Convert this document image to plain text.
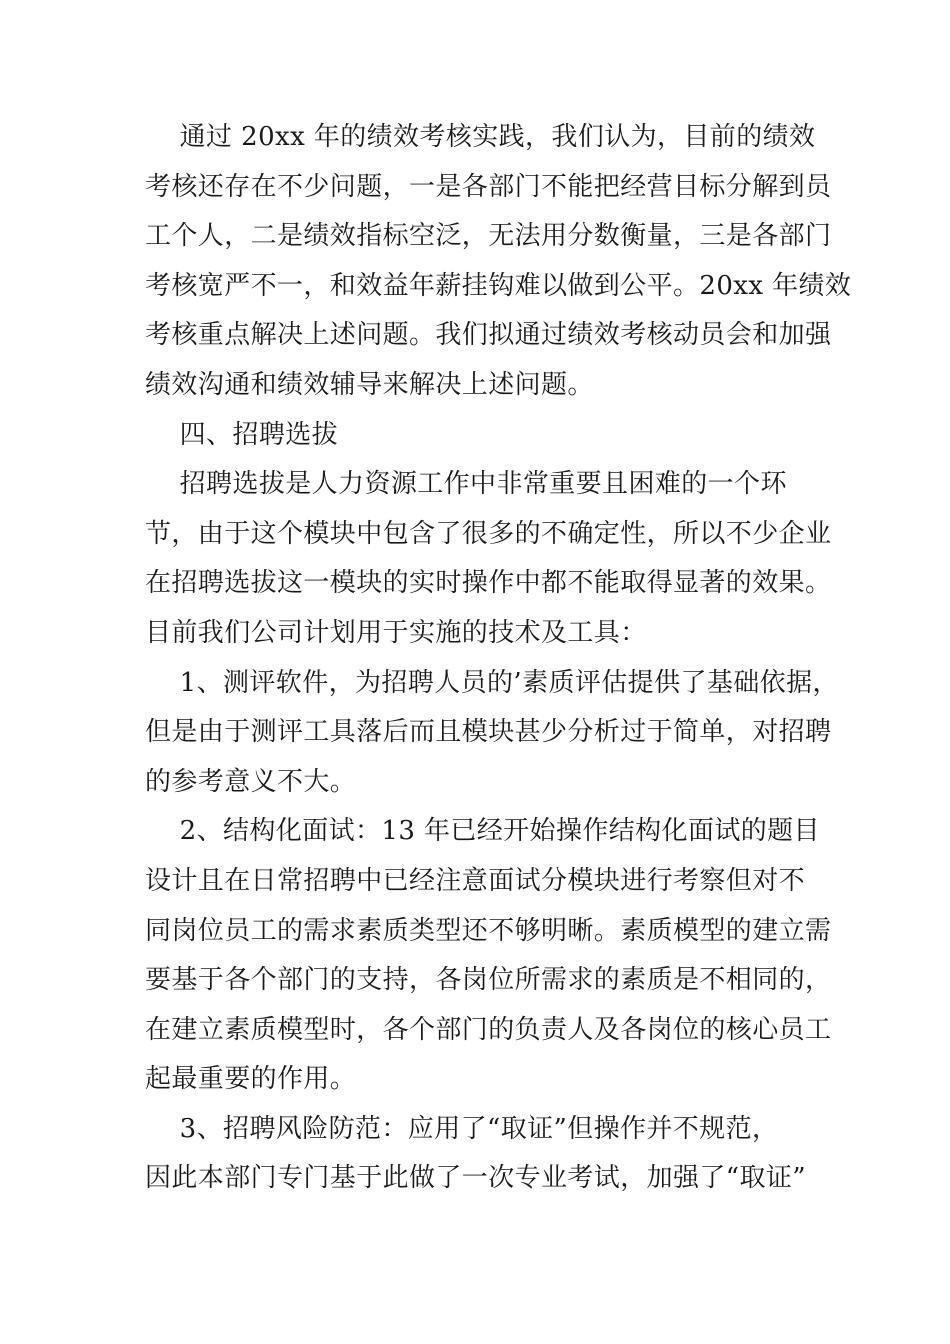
通过 20xx 年的绩效考核实践，我们认为，目前的绩效
考核还存在不少问题，一是各部门不能把经营目标分解到员
工个人，二是绩效指标空泛，无法用分数衡量，三是各部门
考核宽严不一，和效益年薪挂钩难以做到公平。20xx 年绩效
考核重点解决上述问题。我们拟通过绩效考核动员会和加强
绩效沟通和绩效辅导来解决上述问题。
四、招聘选拔
招聘选拔是人力资源工作中非常重要且困难的一个环
节，由于这个模块中包含了很多的不确定性，所以不少企业
在招聘选拔这一模块的实时操作中都不能取得显著的效果。
目前我们公司计划用于实施的技术及工具：
1、测评软件，为招聘人员的’素质评估提供了基础依据，
但是由于测评工具落后而且模块甚少分析过于简单，对招聘
的参考意义不大。
2、结构化面试：13 年已经开始操作结构化面试的题目
设计且在日常招聘中已经注意面试分模块进行考察但对不
同岗位员工的需求素质类型还不够明晰。素质模型的建立需
要基于各个部门的支持，各岗位所需求的素质是不相同的，
在建立素质模型时，各个部门的负责人及各岗位的核心员工
起最重要的作用。
3、招聘风险防范：应用了“取证”但操作并不规范，
因此本部门专门基于此做了一次专业考试，加强了“取证”
